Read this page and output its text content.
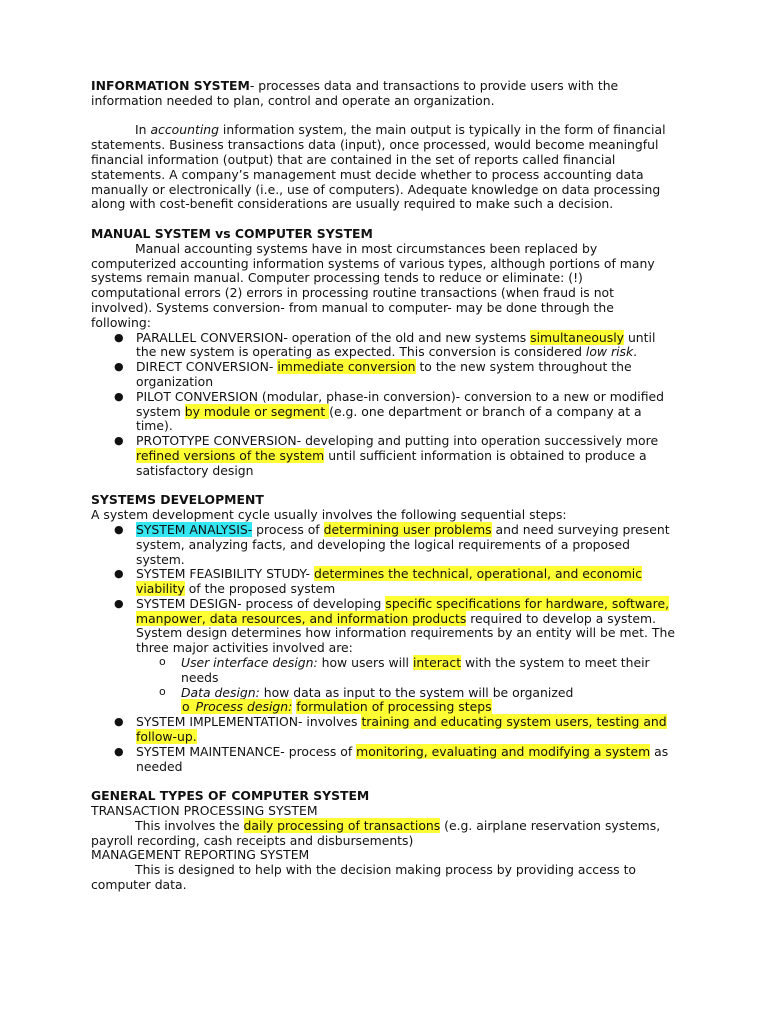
INFORMATION SYSTEM- processes data and transactions to provide users with the information needed to plan, control and operate an organization.

In accounting information system, the main output is typically in the form of financial statements. Business transactions data (input), once processed, would become meaningful financial information (output) that are contained in the set of reports called financial statements. A company’s management must decide whether to process accounting data manually or electronically (i.e., use of computers). Adequate knowledge on data processing along with cost-benefit considerations are usually required to make such a decision.

MANUAL SYSTEM vs COMPUTER SYSTEM

Manual accounting systems have in most circumstances been replaced by computerized accounting information systems of various types, although portions of many systems remain manual. Computer processing tends to reduce or eliminate: (!) computational errors (2) errors in processing routine transactions (when fraud is not involved). Systems conversion- from manual to computer- may be done through the following:

● PARALLEL CONVERSION- operation of the old and new systems simultaneously until the new system is operating as expected. This conversion is considered low risk.
● DIRECT CONVERSION- immediate conversion to the new system throughout the organization
● PILOT CONVERSION (modular, phase-in conversion)- conversion to a new or modified system by module or segment (e.g. one department or branch of a company at a time).
● PROTOTYPE CONVERSION- developing and putting into operation successively more refined versions of the system until sufficient information is obtained to produce a satisfactory design
SYSTEMS DEVELOPMENT

A system development cycle usually involves the following sequential steps:

● SYSTEM ANALYSIS- process of determining user problems and need surveying present system, analyzing facts, and developing the logical requirements of a proposed system.
● SYSTEM FEASIBILITY STUDY- determines the technical, operational, and economic viability of the proposed system
● SYSTEM DESIGN- process of developing specific specifications for hardware, software, manpower, data resources, and information products required to develop a system. System design determines how information requirements by an entity will be met. The three major activities involved are:
o User interface design: how users will interact with the system to meet their needs
o Data design: how data as input to the system will be organized
o Process design: formulation of processing steps
● SYSTEM IMPLEMENTATION- involves training and educating system users, testing and follow-up.
● SYSTEM MAINTENANCE- process of monitoring, evaluating and modifying a system as needed
GENERAL TYPES OF COMPUTER SYSTEM

TRANSACTION PROCESSING SYSTEM

This involves the daily processing of transactions (e.g. airplane reservation systems, payroll recording, cash receipts and disbursements)

MANAGEMENT REPORTING SYSTEM

This is designed to help with the decision making process by providing access to computer data.
